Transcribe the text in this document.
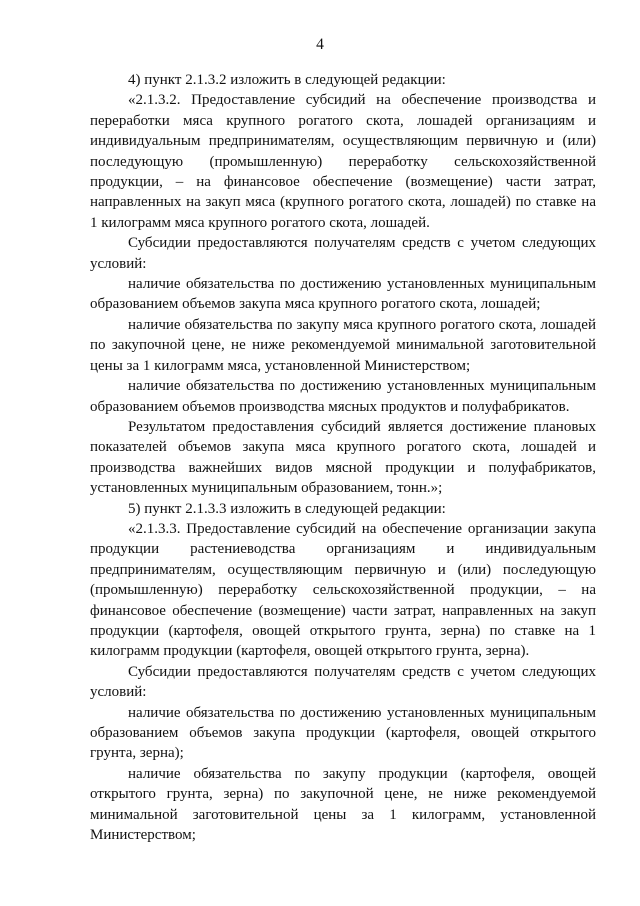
4

4) пункт 2.1.3.2 изложить в следующей редакции:

«2.1.3.2. Предоставление субсидий на обеспечение производства и переработки мяса крупного рогатого скота, лошадей организациям и индивидуальным предпринимателям, осуществляющим первичную и (или) последующую (промышленную) переработку сельскохозяйственной продукции, – на финансовое обеспечение (возмещение) части затрат, направленных на закуп мяса (крупного рогатого скота, лошадей) по ставке на 1 килограмм мяса крупного рогатого скота, лошадей.

Субсидии предоставляются получателям средств с учетом следующих условий:

наличие обязательства по достижению установленных муниципальным образованием объемов закупа мяса крупного рогатого скота, лошадей;

наличие обязательства по закупу мяса крупного рогатого скота, лошадей по закупочной цене, не ниже рекомендуемой минимальной заготовительной цены за 1 килограмм мяса, установленной Министерством;

наличие обязательства по достижению установленных муниципальным образованием объемов производства мясных продуктов и полуфабрикатов.

Результатом предоставления субсидий является достижение плановых показателей объемов закупа мяса крупного рогатого скота, лошадей и производства важнейших видов мясной продукции и полуфабрикатов, установленных муниципальным образованием, тонн.»;

5) пункт 2.1.3.3 изложить в следующей редакции:

«2.1.3.3. Предоставление субсидий на обеспечение организации закупа продукции растениеводства организациям и индивидуальным предпринимателям, осуществляющим первичную и (или) последующую (промышленную) переработку сельскохозяйственной продукции, – на финансовое обеспечение (возмещение) части затрат, направленных на закуп продукции (картофеля, овощей открытого грунта, зерна) по ставке на 1 килограмм продукции (картофеля, овощей открытого грунта, зерна).

Субсидии предоставляются получателям средств с учетом следующих условий:

наличие обязательства по достижению установленных муниципальным образованием объемов закупа продукции (картофеля, овощей открытого грунта, зерна);

наличие обязательства по закупу продукции (картофеля, овощей открытого грунта, зерна) по закупочной цене, не ниже рекомендуемой минимальной заготовительной цены за 1 килограмм, установленной Министерством;
